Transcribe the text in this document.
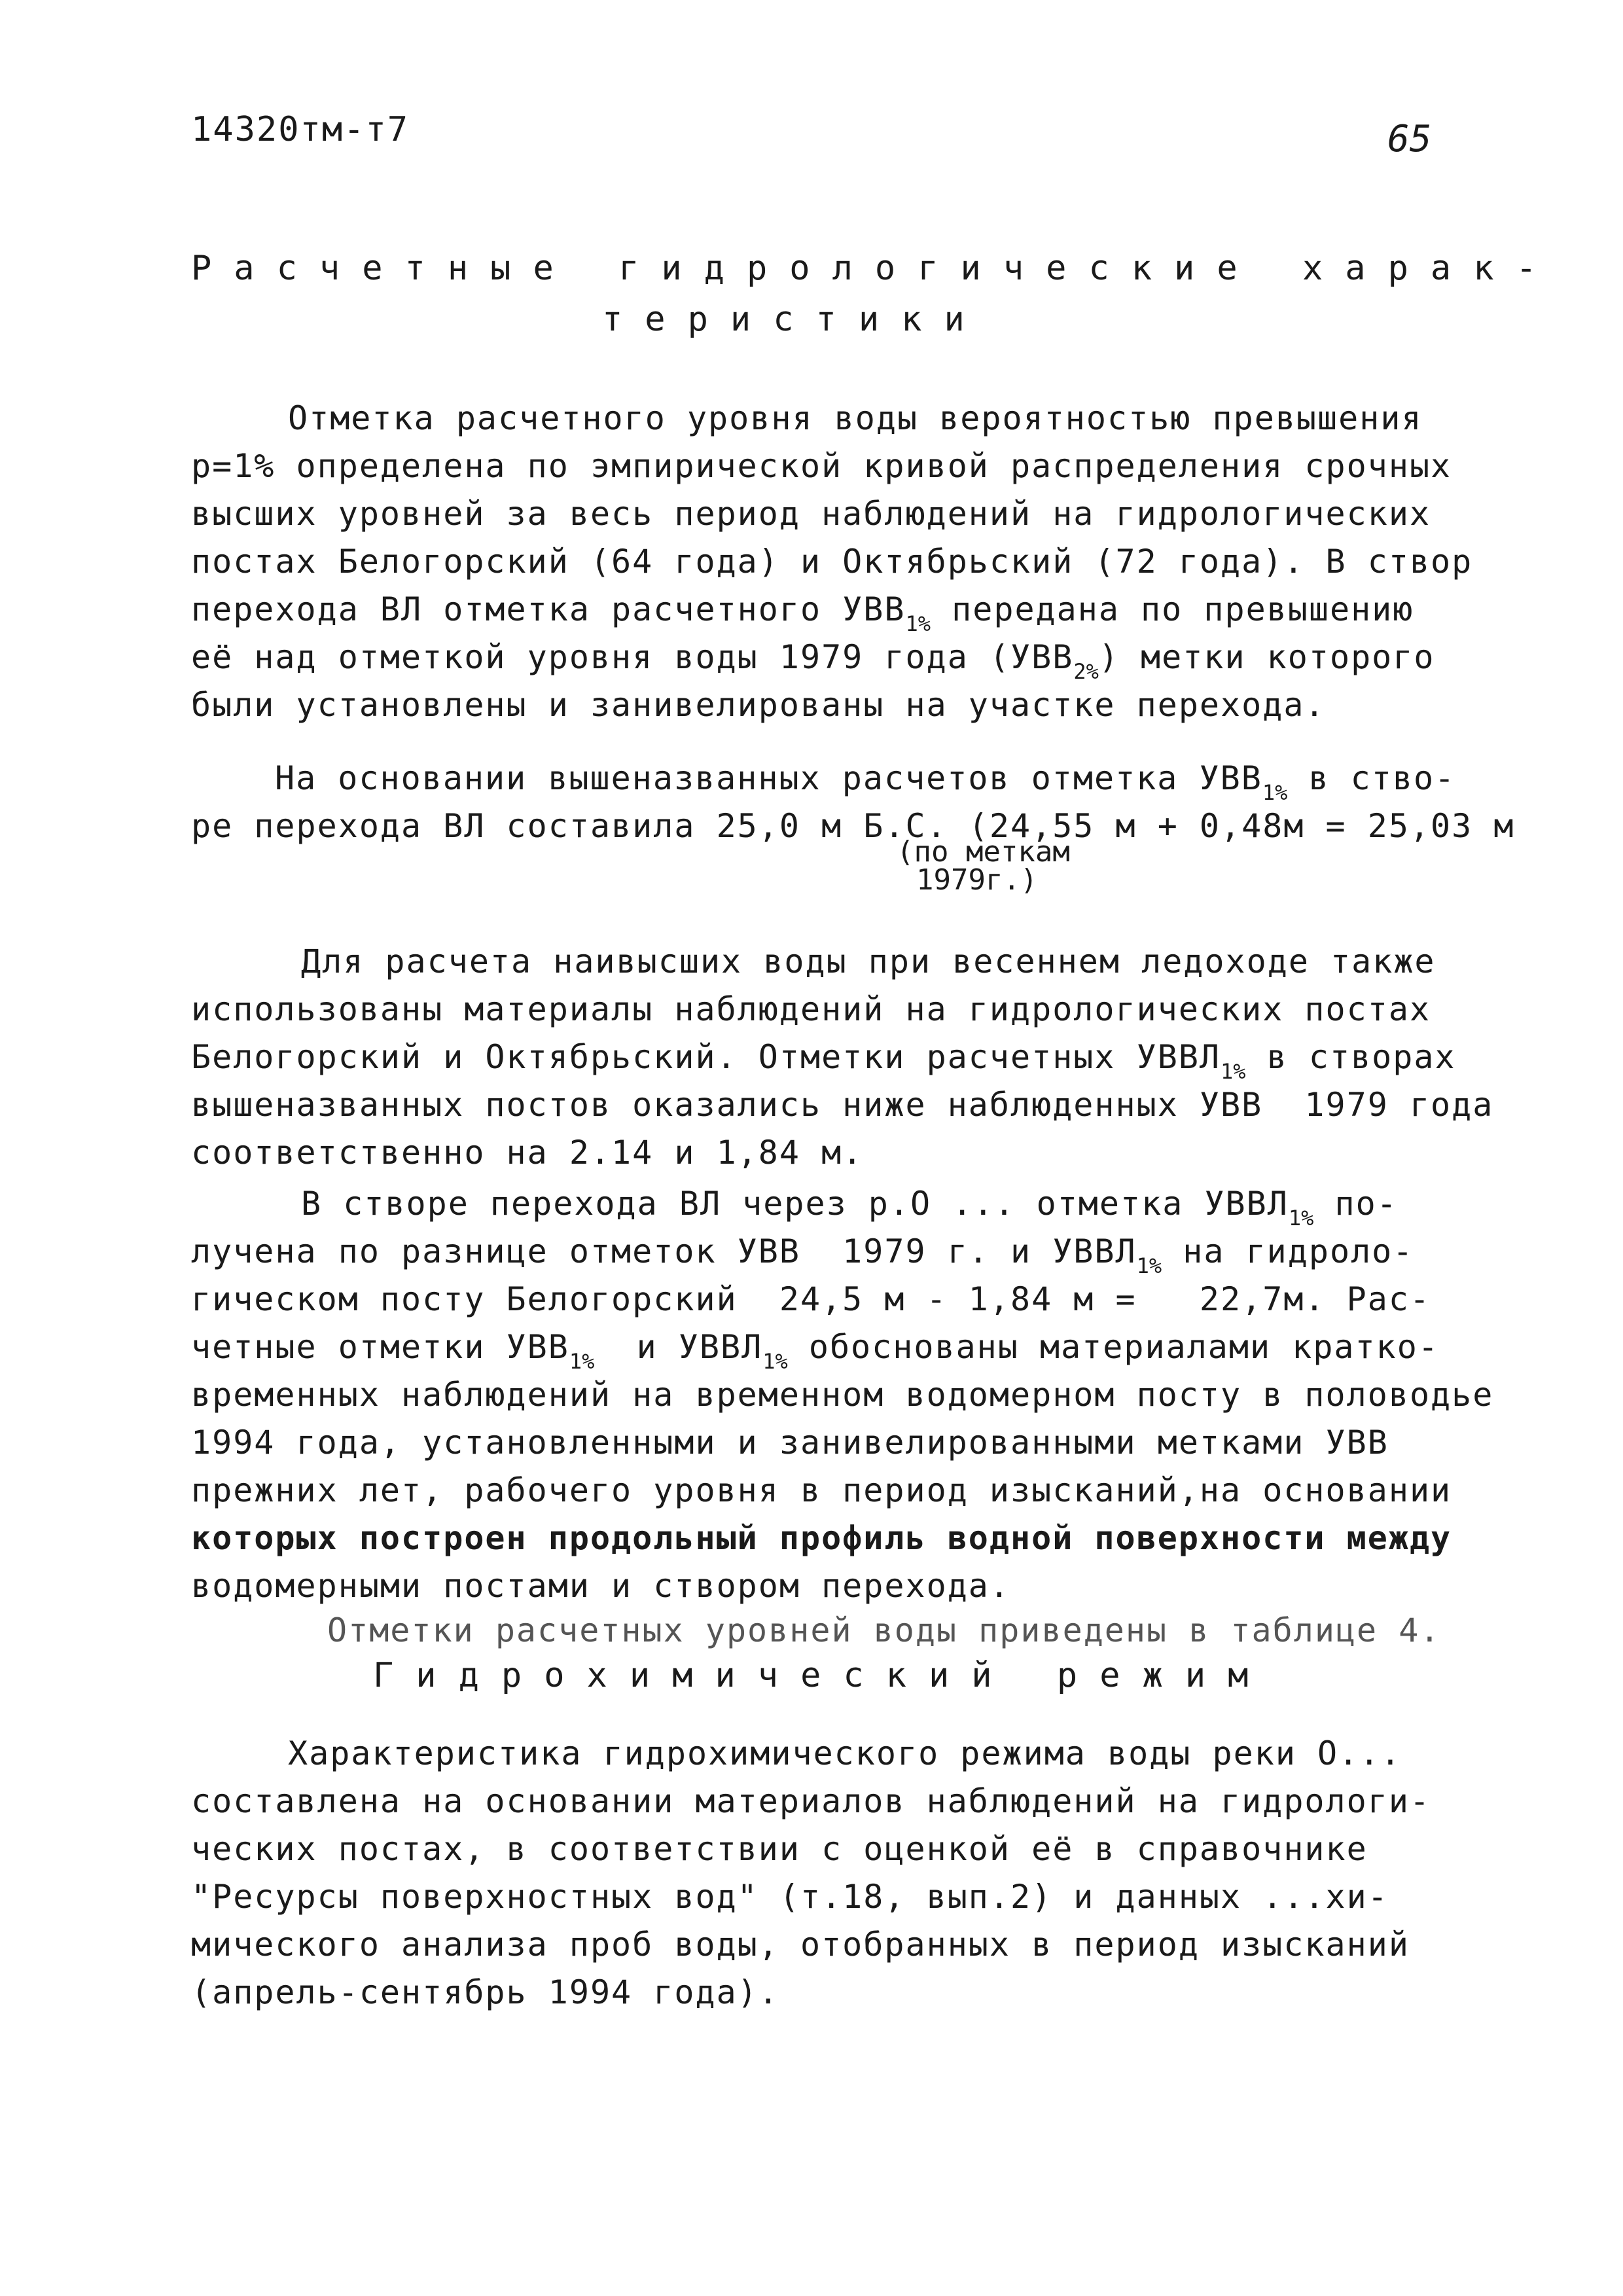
14320тм-т7	65
Расчетные гидрологические харак-
теристики
Отметка расчетного уровня воды вероятностью превышения
р=1% определена по эмпирической кривой распределения срочных
высших уровней за весь период наблюдений на гидрологических
постах Белогорский (64 года) и Октябрьский (72 года). В створ
перехода ВЛ отметка расчетного $УВВ_{1\%}$ передана по превышению
её над отметкой уровня воды 1979 года $(УВВ_{2\%})$ метки которого
были установлены и занивелированы на участке перехода.
На основании вышеназванных расчетов отметка $УВВ_{1\%}$ в ство-
ре перехода ВЛ составила 25,0 м Б.С. (24,55 м + 0,48м = 25,03 м
(по меткам
1979г.)
Для расчета наивысших воды при весеннем ледоходе также
использованы материалы наблюдений на гидрологических постах
Белогорский и Октябрьский. Отметки расчетных $УВВЛ_{1\%}$ в створах
вышеназванных постов оказались ниже наблюденных УВВ  1979 года
соответственно на 2.14 и 1,84 м.
В створе перехода ВЛ через р.О ... отметка $УВВЛ_{1\%}$ по-
лучена по разнице отметок УВВ  1979 г. и $УВВЛ_{1\%}$ на гидроло-
гическом посту Белогорский  24,5 м - 1,84 м =   22,7м. Рас-
четные отметки $УВВ_{1\%}$  и $УВВЛ_{1\%}$ обоснованы материалами кратко-
временных наблюдений на временном водомерном посту в половодье
1994 года, установленными и занивелированными метками УВВ
прежних лет, рабочего уровня в период изысканий,на основании
которых построен продольный профиль водной поверхности между
водомерными постами и створом перехода.
Отметки расчетных уровней воды приведены в таблице 4.
Гидрохимический режим
Характеристика гидрохимического режима воды реки О...
составлена на основании материалов наблюдений на гидрологи-
ческих постах, в соответствии с оценкой её в справочнике
"Ресурсы поверхностных вод" (т.18, вып.2) и данных ...хи-
мического анализа проб воды, отобранных в период изысканий
(апрель-сентябрь 1994 года).
